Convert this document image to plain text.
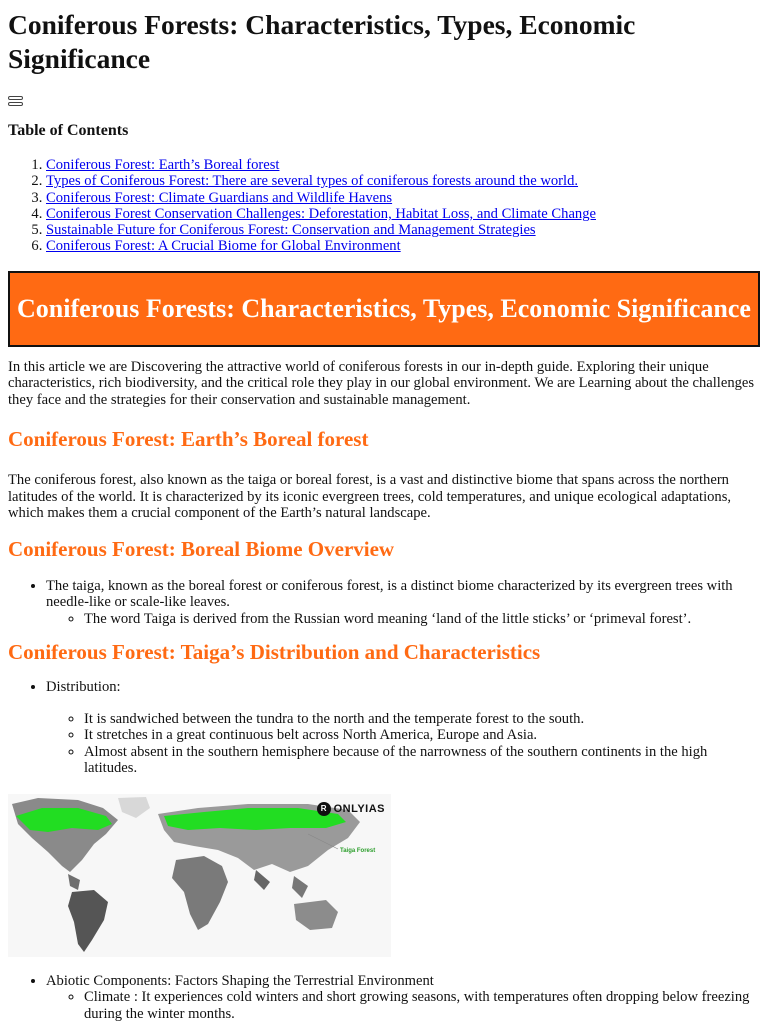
Coniferous Forests: Characteristics, Types, Economic Significance
Table of Contents
1. Coniferous Forest: Earth’s Boreal forest
2. Types of Coniferous Forest: There are several types of coniferous forests around the world.
3. Coniferous Forest: Climate Guardians and Wildlife Havens
4. Coniferous Forest Conservation Challenges: Deforestation, Habitat Loss, and Climate Change
5. Sustainable Future for Coniferous Forest: Conservation and Management Strategies
6. Coniferous Forest: A Crucial Biome for Global Environment
Coniferous Forests: Characteristics, Types, Economic Significance

In this article we are Discovering the attractive world of coniferous forests in our in-depth guide. Exploring their unique characteristics, rich biodiversity, and the critical role they play in our global environment. We are Learning about the challenges they face and the strategies for their conservation and sustainable management.

Coniferous Forest: Earth’s Boreal forest

The coniferous forest, also known as the taiga or boreal forest, is a vast and distinctive biome that spans across the northern latitudes of the world. It is characterized by its iconic evergreen trees, cold temperatures, and unique ecological adaptations, which makes them a crucial component of the Earth’s natural landscape.

Coniferous Forest: Boreal Biome Overview
• The taiga, known as the boreal forest or coniferous forest, is a distinct biome characterized by its evergreen trees with needle-like or scale-like leaves.
◦ The word Taiga is derived from the Russian word meaning ‘land of the little sticks’ or ‘primeval forest’.
Coniferous Forest: Taiga’s Distribution and Characteristics
• Distribution:
◦ It is sandwiched between the tundra to the north and the temperate forest to the south.
◦ It stretches in a great continuous belt across North America, Europe and Asia.
◦ Almost absent in the southern hemisphere because of the narrowness of the southern continents in the high latitudes.
R ONLYIAS
Taiga Forest
• Abiotic Components: Factors Shaping the Terrestrial Environment
◦ Climate : It experiences cold winters and short growing seasons, with temperatures often dropping below freezing during the winter months.
